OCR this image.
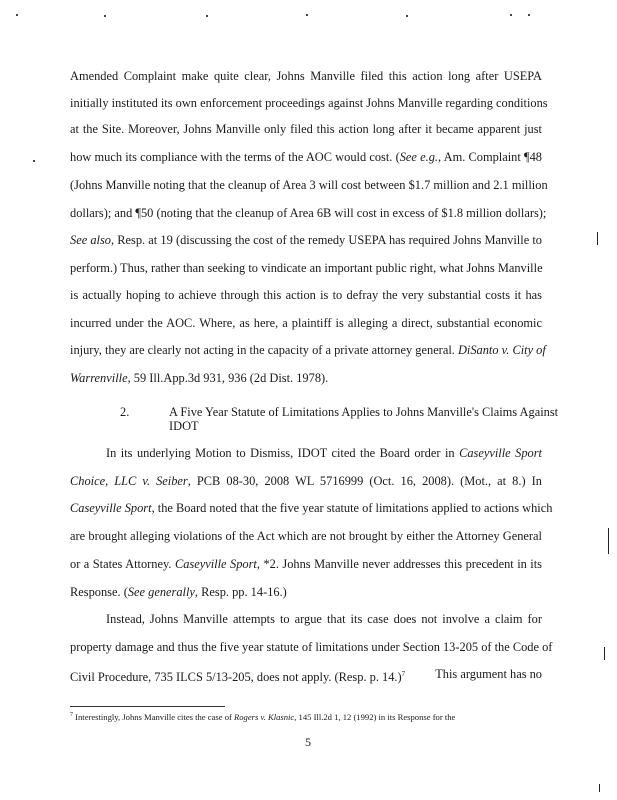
Amended Complaint make quite clear, Johns Manville filed this action long after USEPA
initially instituted its own enforcement proceedings against Johns Manville regarding conditions
at the Site. Moreover, Johns Manville only filed this action long after it became apparent just
how much its compliance with the terms of the AOC would cost. (See e.g., Am. Complaint ¶48
(Johns Manville noting that the cleanup of Area 3 will cost between $1.7 million and 2.1 million
dollars); and ¶50 (noting that the cleanup of Area 6B will cost in excess of $1.8 million dollars);
See also, Resp. at 19 (discussing the cost of the remedy USEPA has required Johns Manville to
perform.) Thus, rather than seeking to vindicate an important public right, what Johns Manville
is actually hoping to achieve through this action is to defray the very substantial costs it has
incurred under the AOC. Where, as here, a plaintiff is alleging a direct, substantial economic
injury, they are clearly not acting in the capacity of a private attorney general. DiSanto v. City of
Warrenville, 59 Ill.App.3d 931, 936 (2d Dist. 1978).
2.	A Five Year Statute of Limitations Applies to Johns Manville's Claims Against
IDOT
In its underlying Motion to Dismiss, IDOT cited the Board order in Caseyville Sport
Choice, LLC v. Seiber, PCB 08-30, 2008 WL 5716999 (Oct. 16, 2008). (Mot., at 8.) In
Caseyville Sport, the Board noted that the five year statute of limitations applied to actions which
are brought alleging violations of the Act which are not brought by either the Attorney General
or a States Attorney. Caseyville Sport, *2. Johns Manville never addresses this precedent in its
Response. (See generally, Resp. pp. 14-16.)
Instead, Johns Manville attempts to argue that its case does not involve a claim for
property damage and thus the five year statute of limitations under Section 13-205 of the Code of
Civil Procedure, 735 ILCS 5/13-205, does not apply. (Resp. p. 14.)$^7$	This argument has no
$^7$ Interestingly, Johns Manville cites the case of Rogers v. Klasnic, 145 Ill.2d 1, 12 (1992) in its Response for the
5
